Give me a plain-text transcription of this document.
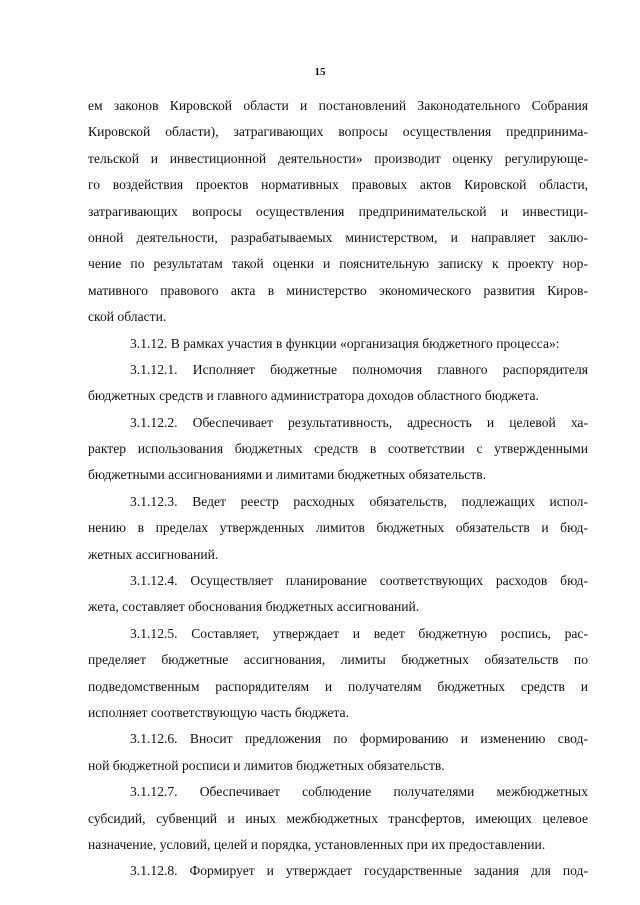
15
ем законов Кировской области и постановлений Законодательного Собрания
Кировской области), затрагивающих вопросы осуществления предпринима-
тельской и инвестиционной деятельности» производит оценку регулирующе-
го воздействия проектов нормативных правовых актов Кировской области,
затрагивающих вопросы осуществления предпринимательской и инвестици-
онной деятельности, разрабатываемых министерством, и направляет заклю-
чение по результатам такой оценки и пояснительную записку к проекту нор-
мативного правового акта в министерство экономического развития Киров-
ской области.
3.1.12. В рамках участия в функции «организация бюджетного процесса»:
3.1.12.1. Исполняет бюджетные полномочия главного распорядителя
бюджетных средств и главного администратора доходов областного бюджета.
3.1.12.2. Обеспечивает результативность, адресность и целевой ха-
рактер использования бюджетных средств в соответствии с утвержденными
бюджетными ассигнованиями и лимитами бюджетных обязательств.
3.1.12.3. Ведет реестр расходных обязательств, подлежащих испол-
нению в пределах утвержденных лимитов бюджетных обязательств и бюд-
жетных ассигнований.
3.1.12.4. Осуществляет планирование соответствующих расходов бюд-
жета, составляет обоснования бюджетных ассигнований.
3.1.12.5. Составляет, утверждает и ведет бюджетную роспись, рас-
пределяет бюджетные ассигнования, лимиты бюджетных обязательств по
подведомственным распорядителям и получателям бюджетных средств и
исполняет соответствующую часть бюджета.
3.1.12.6. Вносит предложения по формированию и изменению свод-
ной бюджетной росписи и лимитов бюджетных обязательств.
3.1.12.7. Обеспечивает соблюдение получателями межбюджетных
субсидий, субвенций и иных межбюджетных трансфертов, имеющих целевое
назначение, условий, целей и порядка, установленных при их предоставлении.
3.1.12.8. Формирует и утверждает государственные задания для под-
